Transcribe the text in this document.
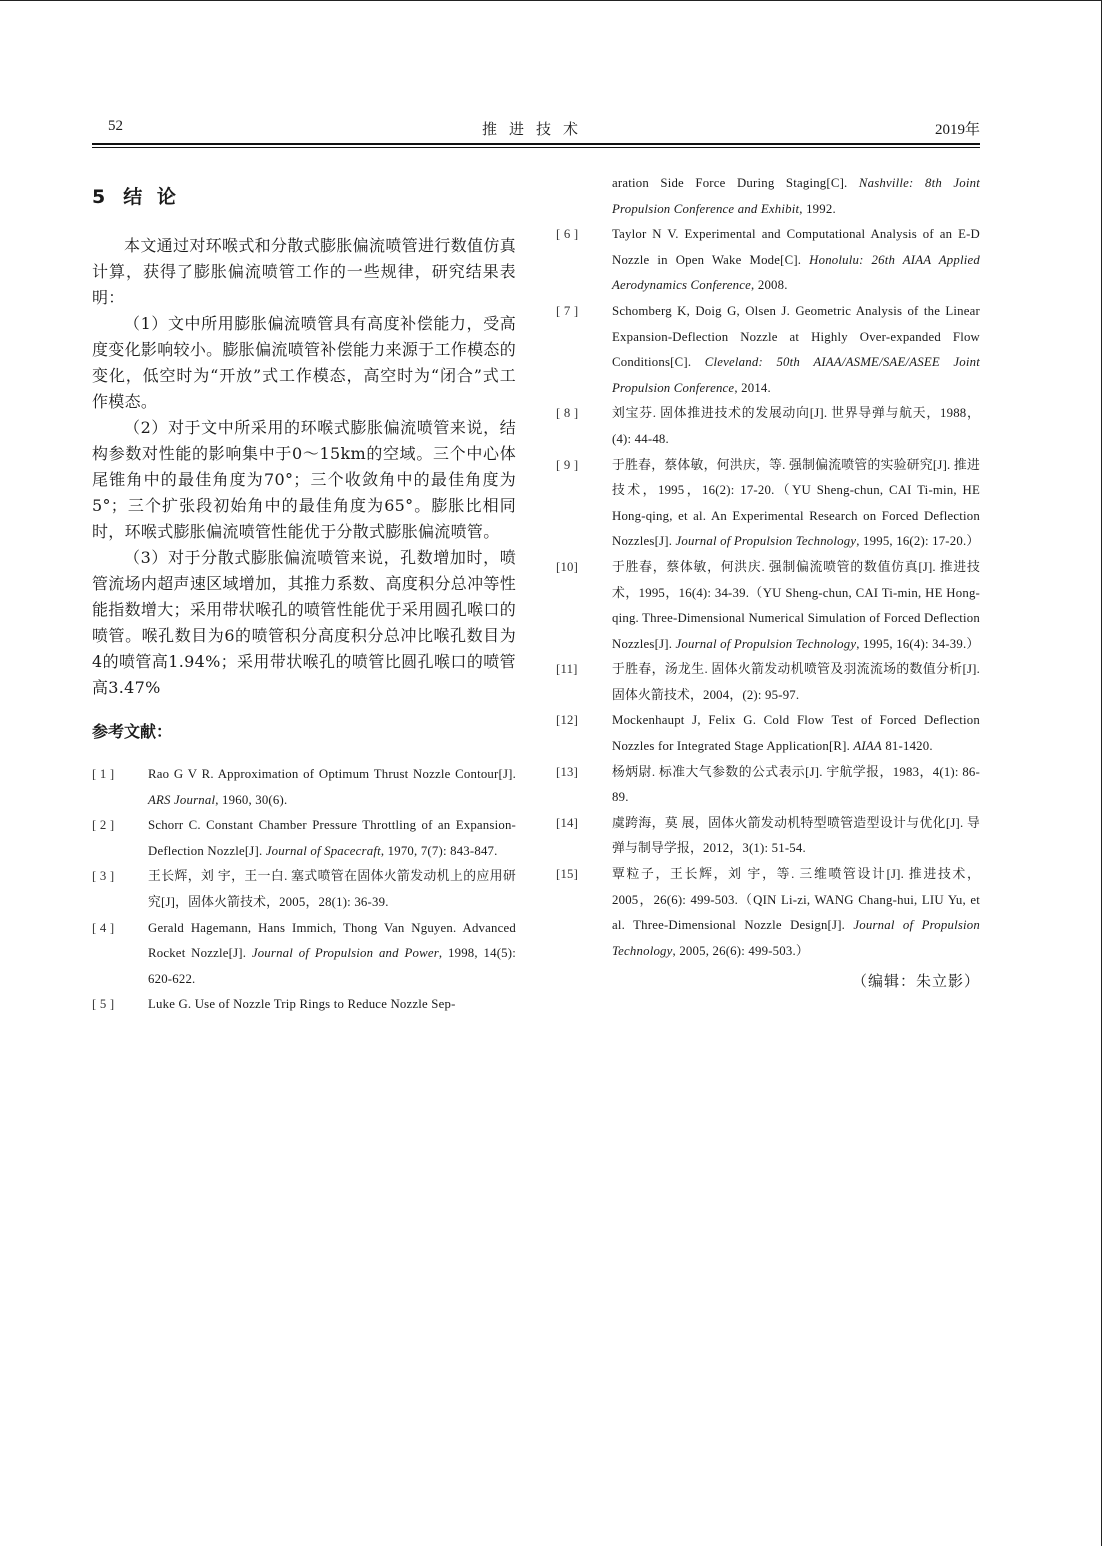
52	推进技术	2019年
5 结 论

本文通过对环喉式和分散式膨胀偏流喷管进行数值仿真计算，获得了膨胀偏流喷管工作的一些规律，研究结果表明：

（1）文中所用膨胀偏流喷管具有高度补偿能力，受高度变化影响较小。膨胀偏流喷管补偿能力来源于工作模态的变化，低空时为“开放”式工作模态，高空时为“闭合”式工作模态。

（2）对于文中所采用的环喉式膨胀偏流喷管来说，结构参数对性能的影响集中于0～15km的空域。三个中心体尾锥角中的最佳角度为70°；三个收敛角中的最佳角度为5°；三个扩张段初始角中的最佳角度为65°。膨胀比相同时，环喉式膨胀偏流喷管性能优于分散式膨胀偏流喷管。

（3）对于分散式膨胀偏流喷管来说，孔数增加时，喷管流场内超声速区域增加，其推力系数、高度积分总冲等性能指数增大；采用带状喉孔的喷管性能优于采用圆孔喉口的喷管。喉孔数目为6的喷管积分高度积分总冲比喉孔数目为4的喷管高1.94%；采用带状喉孔的喷管比圆孔喉口的喷管高3.47%

参考文献：
[ 1 ]	Rao G V R. Approximation of Optimum Thrust Nozzle Contour[J]. ARS Journal, 1960, 30(6).
[ 2 ]	Schorr C. Constant Chamber Pressure Throttling of an Expansion-Deflection Nozzle[J]. Journal of Spacecraft, 1970, 7(7): 843-847.
[ 3 ]	王长辉，刘 宇，王一白. 塞式喷管在固体火箭发动机上的应用研究[J]，固体火箭技术，2005，28(1): 36-39.
[ 4 ]	Gerald Hagemann, Hans Immich, Thong Van Nguyen. Advanced Rocket Nozzle[J]. Journal of Propulsion and Power, 1998, 14(5): 620-622.
[ 5 ]	Luke G. Use of Nozzle Trip Rings to Reduce Nozzle Sep-
aration Side Force During Staging[C]. Nashville: 8th Joint Propulsion Conference and Exhibit, 1992.
[ 6 ]	Taylor N V. Experimental and Computational Analysis of an E-D Nozzle in Open Wake Mode[C]. Honolulu: 26th AIAA Applied Aerodynamics Conference, 2008.
[ 7 ]	Schomberg K, Doig G, Olsen J. Geometric Analysis of the Linear Expansion-Deflection Nozzle at Highly Over-expanded Flow Conditions[C]. Cleveland: 50th AIAA/ASME/SAE/ASEE Joint Propulsion Conference, 2014.
[ 8 ]	刘宝芬. 固体推进技术的发展动向[J]. 世界导弹与航天，1988，(4): 44-48.
[ 9 ]	于胜春，蔡体敏，何洪庆，等. 强制偏流喷管的实验研究[J]. 推进技术，1995，16(2): 17-20.（YU Sheng-chun, CAI Ti-min, HE Hong-qing, et al. An Experimental Research on Forced Deflection Nozzles[J]. Journal of Propulsion Technology, 1995, 16(2): 17-20.）
[10]	于胜春，蔡体敏，何洪庆. 强制偏流喷管的数值仿真[J]. 推进技术，1995，16(4): 34-39.（YU Sheng-chun, CAI Ti-min, HE Hong-qing. Three-Dimensional Numerical Simulation of Forced Deflection Nozzles[J]. Journal of Propulsion Technology, 1995, 16(4): 34-39.）
[11]	于胜春，汤龙生. 固体火箭发动机喷管及羽流流场的数值分析[J]. 固体火箭技术，2004，(2): 95-97.
[12]	Mockenhaupt J, Felix G. Cold Flow Test of Forced Deflection Nozzles for Integrated Stage Application[R]. AIAA 81-1420.
[13]	杨炳尉. 标准大气参数的公式表示[J]. 宇航学报，1983，4(1): 86-89.
[14]	虞跨海，莫 展，固体火箭发动机特型喷管造型设计与优化[J]. 导弹与制导学报，2012，3(1): 51-54.
[15]	覃粒子，王长辉，刘 宇，等. 三维喷管设计[J]. 推进技术，2005，26(6): 499-503.（QIN Li-zi, WANG Chang-hui, LIU Yu, et al. Three-Dimensional Nozzle Design[J]. Journal of Propulsion Technology, 2005, 26(6): 499-503.）
（编辑：朱立影）
